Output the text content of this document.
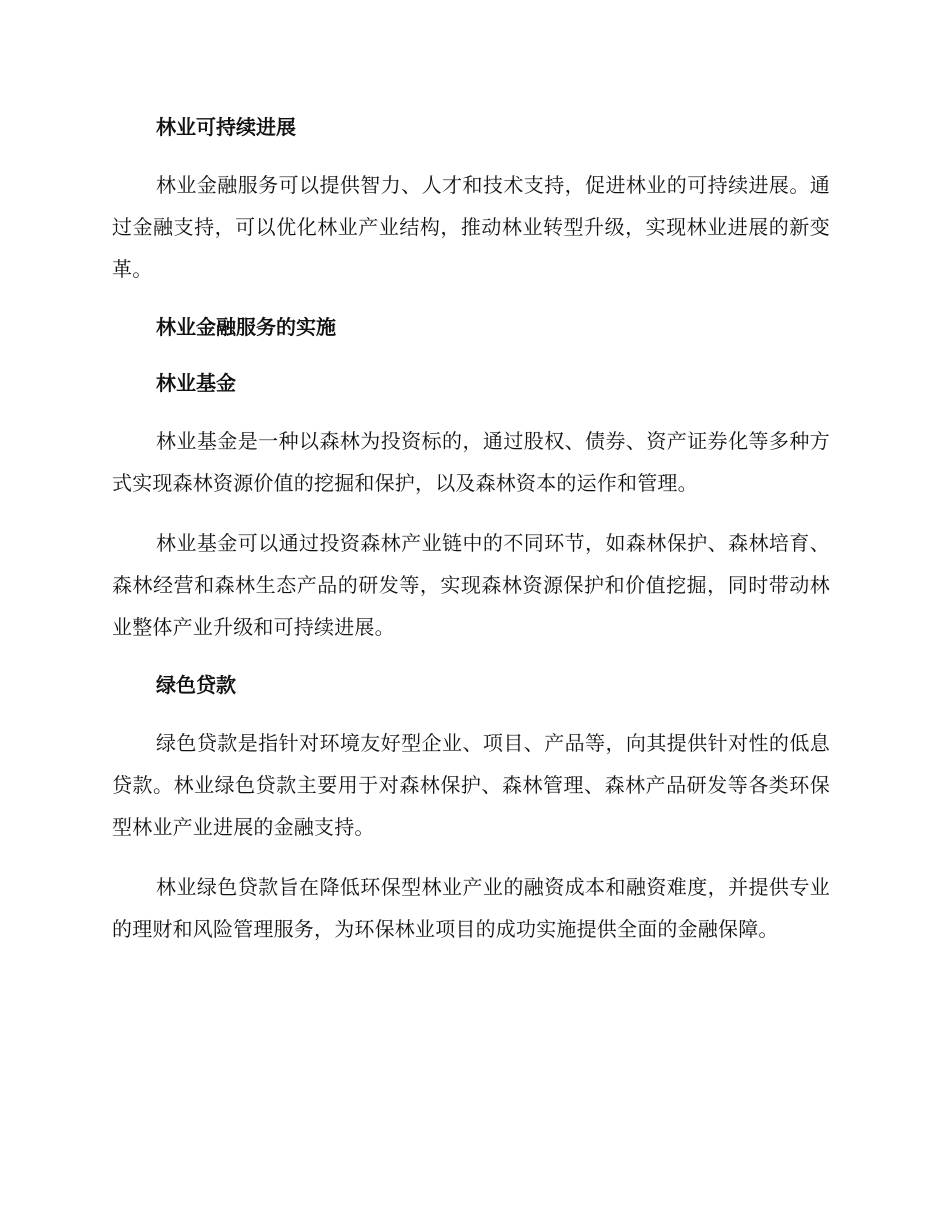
林业可持续进展

林业金融服务可以提供智力、人才和技术支持，促进林业的可持续进展。通过金融支持，可以优化林业产业结构，推动林业转型升级，实现林业进展的新变革。

林业金融服务的实施
林业基金

林业基金是一种以森林为投资标的，通过股权、债券、资产证券化等多种方式实现森林资源价值的挖掘和保护，以及森林资本的运作和管理。

林业基金可以通过投资森林产业链中的不同环节，如森林保护、森林培育、森林经营和森林生态产品的研发等，实现森林资源保护和价值挖掘，同时带动林业整体产业升级和可持续进展。

绿色贷款

绿色贷款是指针对环境友好型企业、项目、产品等，向其提供针对性的低息贷款。林业绿色贷款主要用于对森林保护、森林管理、森林产品研发等各类环保型林业产业进展的金融支持。

林业绿色贷款旨在降低环保型林业产业的融资成本和融资难度，并提供专业的理财和风险管理服务，为环保林业项目的成功实施提供全面的金融保障。
